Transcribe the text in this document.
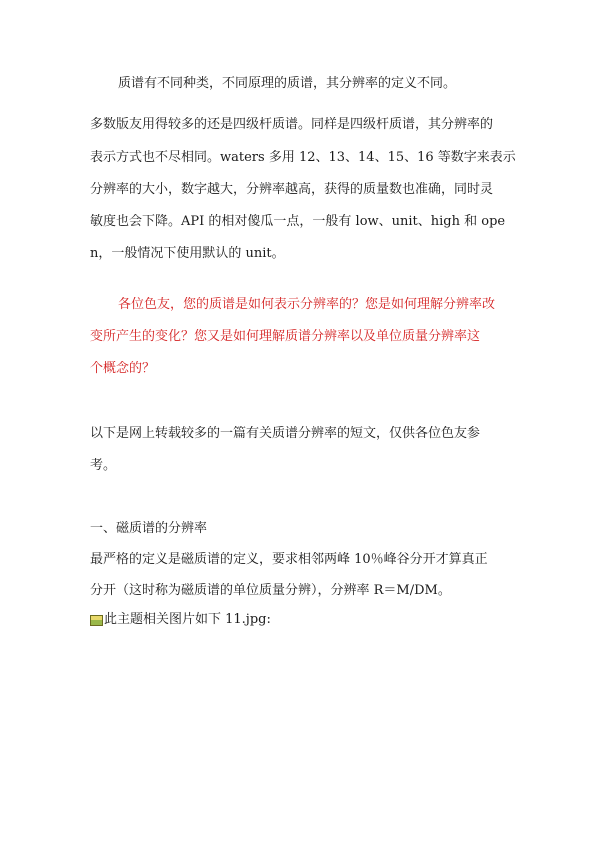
质谱有不同种类，不同原理的质谱，其分辨率的定义不同。
多数版友用得较多的还是四级杆质谱。同样是四级杆质谱，其分辨率的
表示方式也不尽相同。waters 多用 12、13、14、15、16 等数字来表示
分辨率的大小，数字越大，分辨率越高，获得的质量数也准确，同时灵
敏度也会下降。API 的相对傻瓜一点，一般有 low、unit、high 和 ope
n，一般情况下使用默认的 unit。
各位色友，您的质谱是如何表示分辨率的？您是如何理解分辨率改
变所产生的变化？您又是如何理解质谱分辨率以及单位质量分辨率这
个概念的？
以下是网上转载较多的一篇有关质谱分辨率的短文，仅供各位色友参
考。
一、磁质谱的分辨率
最严格的定义是磁质谱的定义，要求相邻两峰 10％峰谷分开才算真正
分开（这时称为磁质谱的单位质量分辨），分辨率 R＝M/DM。
此主题相关图片如下 11.jpg:
